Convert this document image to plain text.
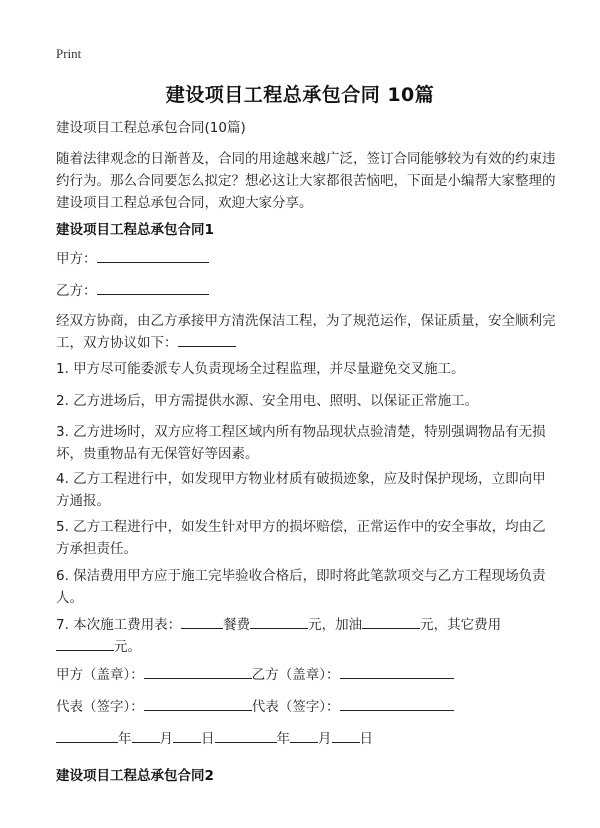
Print
建设项目工程总承包合同 10篇
建设项目工程总承包合同(10篇)
随着法律观念的日渐普及，合同的用途越来越广泛，签订合同能够较为有效的约束违约行为。那么合同要怎么拟定？想必这让大家都很苦恼吧，下面是小编帮大家整理的建设项目工程总承包合同，欢迎大家分享。
建设项目工程总承包合同1
甲方：
乙方：
经双方协商，由乙方承接甲方清洗保洁工程，为了规范运作，保证质量，安全顺利完工，双方协议如下：
1. 甲方尽可能委派专人负责现场全过程监理，并尽量避免交叉施工。
2. 乙方进场后，甲方需提供水源、安全用电、照明、以保证正常施工。
3. 乙方进场时，双方应将工程区域内所有物品现状点验清楚，特别强调物品有无损坏，贵重物品有无保管好等因素。
4. 乙方工程进行中，如发现甲方物业材质有破损迹象，应及时保护现场，立即向甲方通报。
5. 乙方工程进行中，如发生针对甲方的损坏赔偿，正常运作中的安全事故，均由乙方承担责任。
6. 保洁费用甲方应于施工完毕验收合格后，即时将此笔款项交与乙方工程现场负责人。
7. 本次施工费用表：	餐费	元，加油	元，其它费用
元。
甲方（盖章）：	乙方（盖章）：
代表（签字）：	代表（签字）：
年 月 日	年 月 日
建设项目工程总承包合同2
